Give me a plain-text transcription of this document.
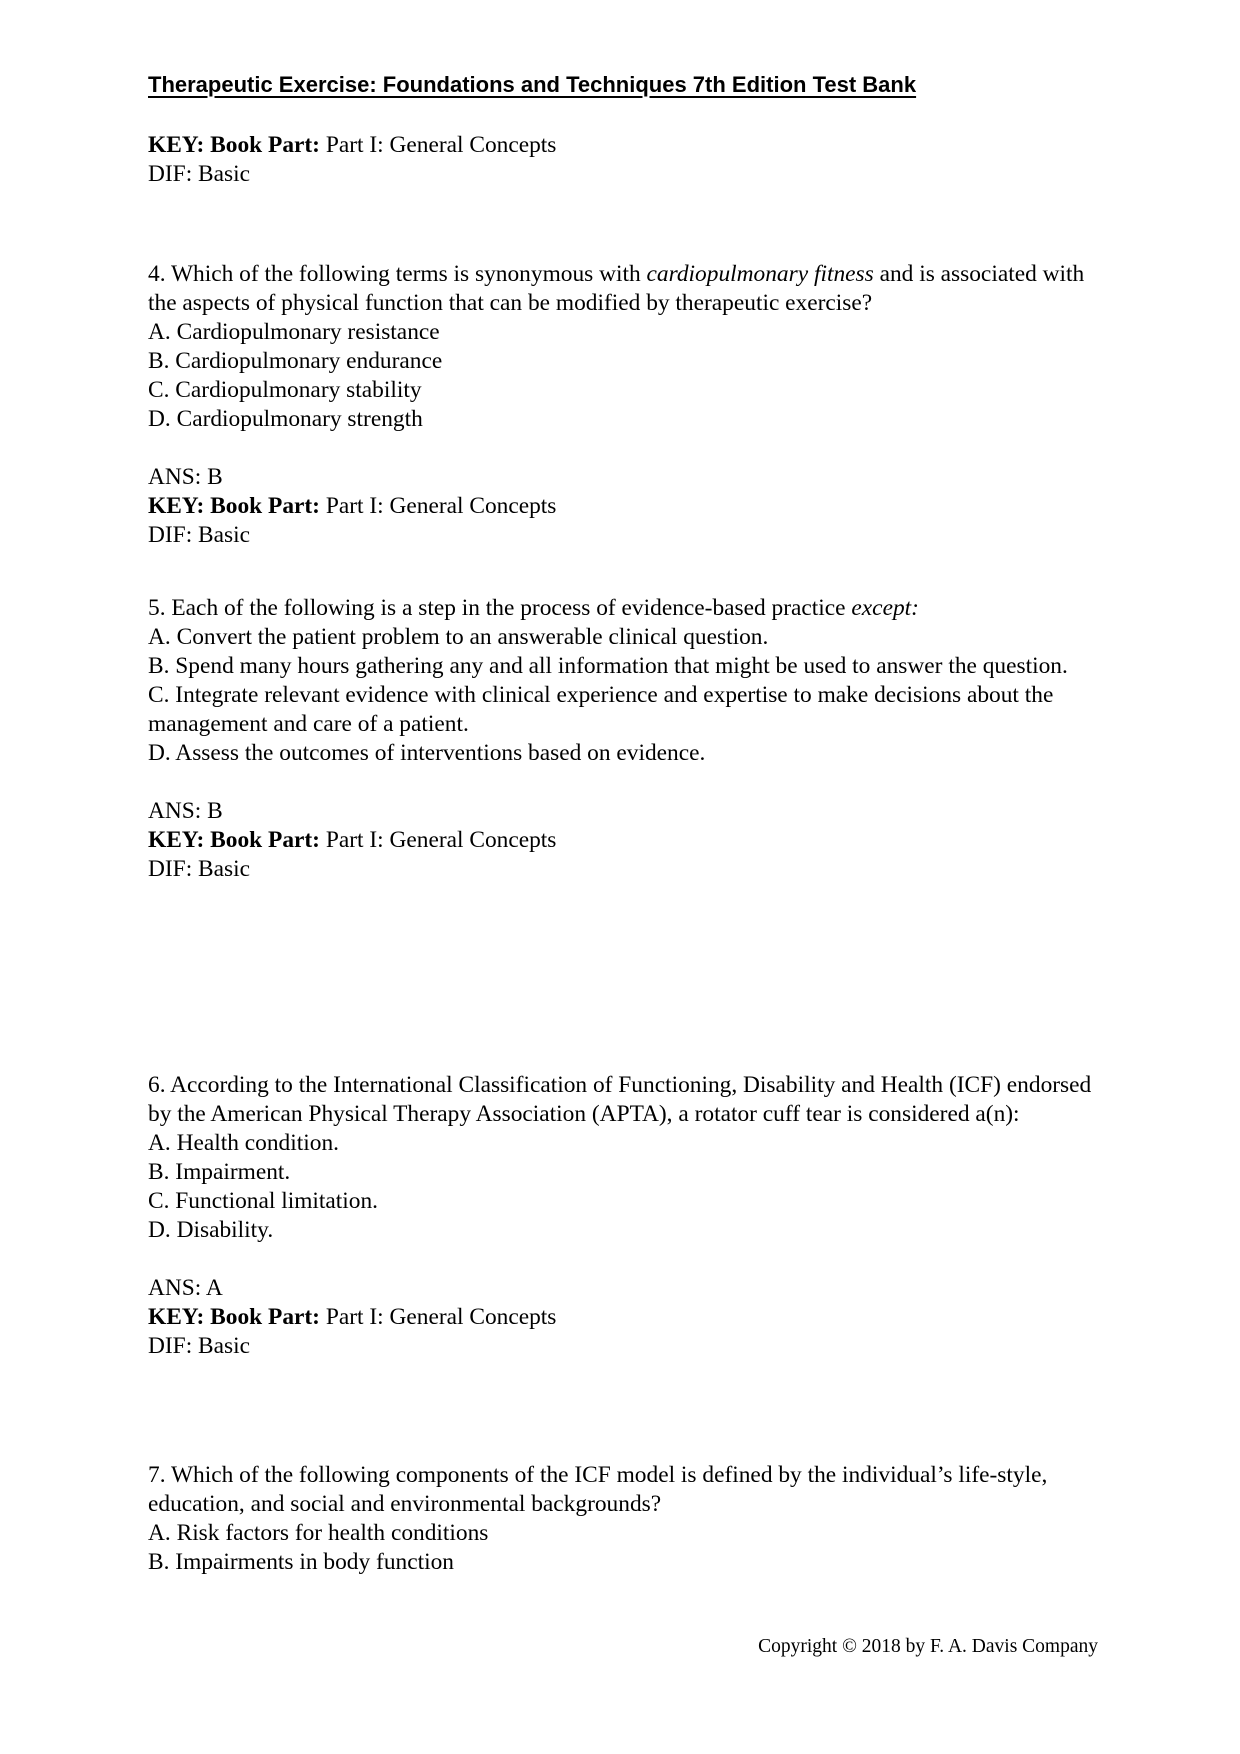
Therapeutic Exercise: Foundations and Techniques 7th Edition Test Bank
KEY: Book Part: Part I: General Concepts
DIF: Basic
4. Which of the following terms is synonymous with cardiopulmonary fitness and is associated with the aspects of physical function that can be modified by therapeutic exercise?
A. Cardiopulmonary resistance
B. Cardiopulmonary endurance
C. Cardiopulmonary stability
D. Cardiopulmonary strength
ANS: B
KEY: Book Part: Part I: General Concepts
DIF: Basic
5. Each of the following is a step in the process of evidence-based practice except:
A. Convert the patient problem to an answerable clinical question.
B. Spend many hours gathering any and all information that might be used to answer the question.
C. Integrate relevant evidence with clinical experience and expertise to make decisions about the management and care of a patient.
D. Assess the outcomes of interventions based on evidence.
ANS: B
KEY: Book Part: Part I: General Concepts
DIF: Basic
6. According to the International Classification of Functioning, Disability and Health (ICF) endorsed by the American Physical Therapy Association (APTA), a rotator cuff tear is considered a(n):
A. Health condition.
B. Impairment.
C. Functional limitation.
D. Disability.
ANS: A
KEY: Book Part: Part I: General Concepts
DIF: Basic
7. Which of the following components of the ICF model is defined by the individual’s life-style, education, and social and environmental backgrounds?
A. Risk factors for health conditions
B. Impairments in body function
Copyright © 2018 by F. A. Davis Company
